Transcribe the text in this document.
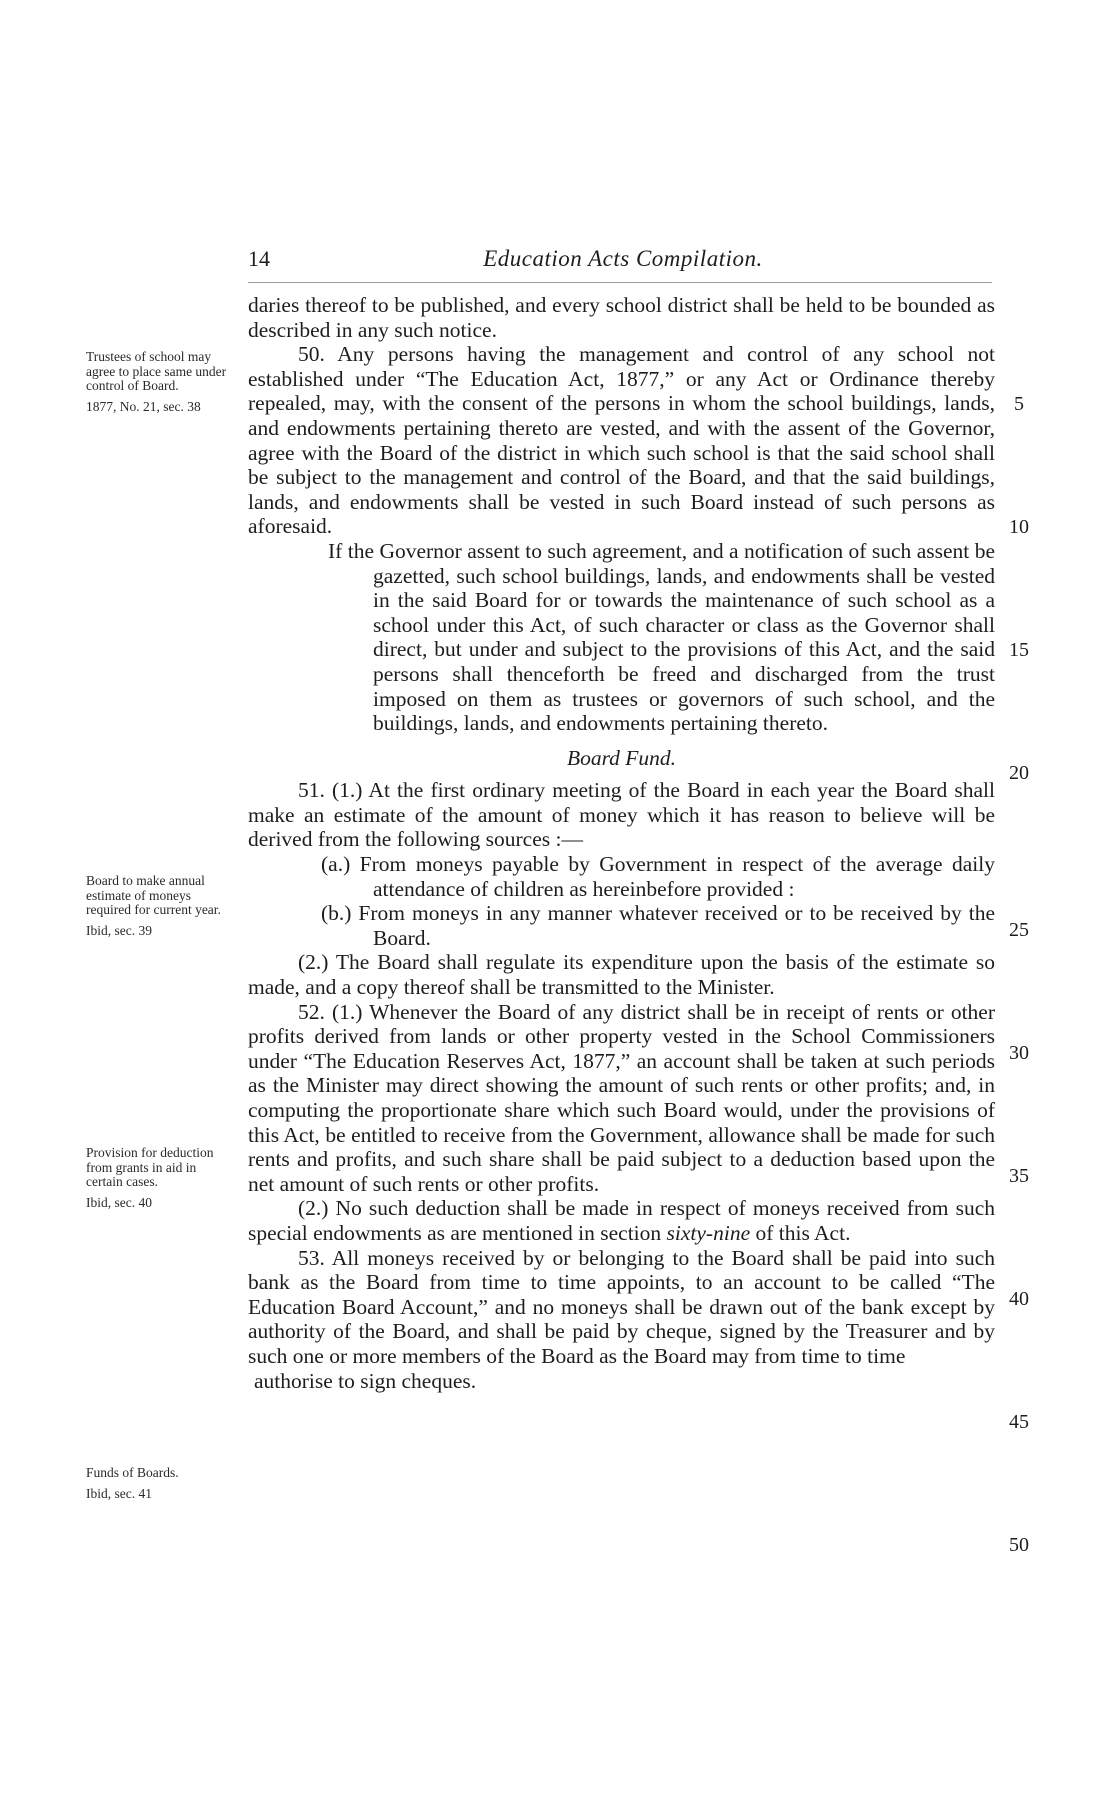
14	Education Acts Compilation.
Trustees of school may agree to place same under control of Board.
1877, No. 21, sec. 38
Board to make annual estimate of moneys required for current year.
Ibid, sec. 39
Provision for deduction from grants in aid in certain cases.
Ibid, sec. 40
Funds of Boards.
Ibid, sec. 41

daries thereof to be published, and every school district shall be held to be bounded as described in any such notice.

50. Any persons having the management and control of any school not established under “The Education Act, 1877,” or any Act or Ordinance thereby repealed, may, with the consent of the persons in whom the school buildings, lands, and endowments pertaining thereto are vested, and with the assent of the Governor, agree with the Board of the district in which such school is that the said school shall be subject to the management and control of the Board, and that the said buildings, lands, and endowments shall be vested in such Board instead of such persons as aforesaid.

If the Governor assent to such agreement, and a notification of such assent be gazetted, such school buildings, lands, and endowments shall be vested in the said Board for or towards the maintenance of such school as a school under this Act, of such character or class as the Governor shall direct, but under and subject to the provisions of this Act, and the said persons shall thenceforth be freed and discharged from the trust imposed on them as trustees or governors of such school, and the buildings, lands, and endowments pertaining thereto.

Board Fund.

51. (1.) At the first ordinary meeting of the Board in each year the Board shall make an estimate of the amount of money which it has reason to believe will be derived from the following sources :—

(a.) From moneys payable by Government in respect of the average daily attendance of children as hereinbefore provided :

(b.) From moneys in any manner whatever received or to be received by the Board.

(2.) The Board shall regulate its expenditure upon the basis of the estimate so made, and a copy thereof shall be transmitted to the Minister.

52. (1.) Whenever the Board of any district shall be in receipt of rents or other profits derived from lands or other property vested in the School Commissioners under “The Education Reserves Act, 1877,” an account shall be taken at such periods as the Minister may direct showing the amount of such rents or other profits; and, in computing the proportionate share which such Board would, under the provisions of this Act, be entitled to receive from the Government, allowance shall be made for such rents and profits, and such share shall be paid subject to a deduction based upon the net amount of such rents or other profits.

(2.) No such deduction shall be made in respect of moneys received from such special endowments as are mentioned in section sixty-nine of this Act.

53. All moneys received by or belonging to the Board shall be paid into such bank as the Board from time to time appoints, to an account to be called “The Education Board Account,” and no moneys shall be drawn out of the bank except by authority of the Board, and shall be paid by cheque, signed by the Treasurer and by such one or more members of the Board as the Board may from time to time

authorise to sign cheques.

5
10
15
20
25
30
35
40
45
50
